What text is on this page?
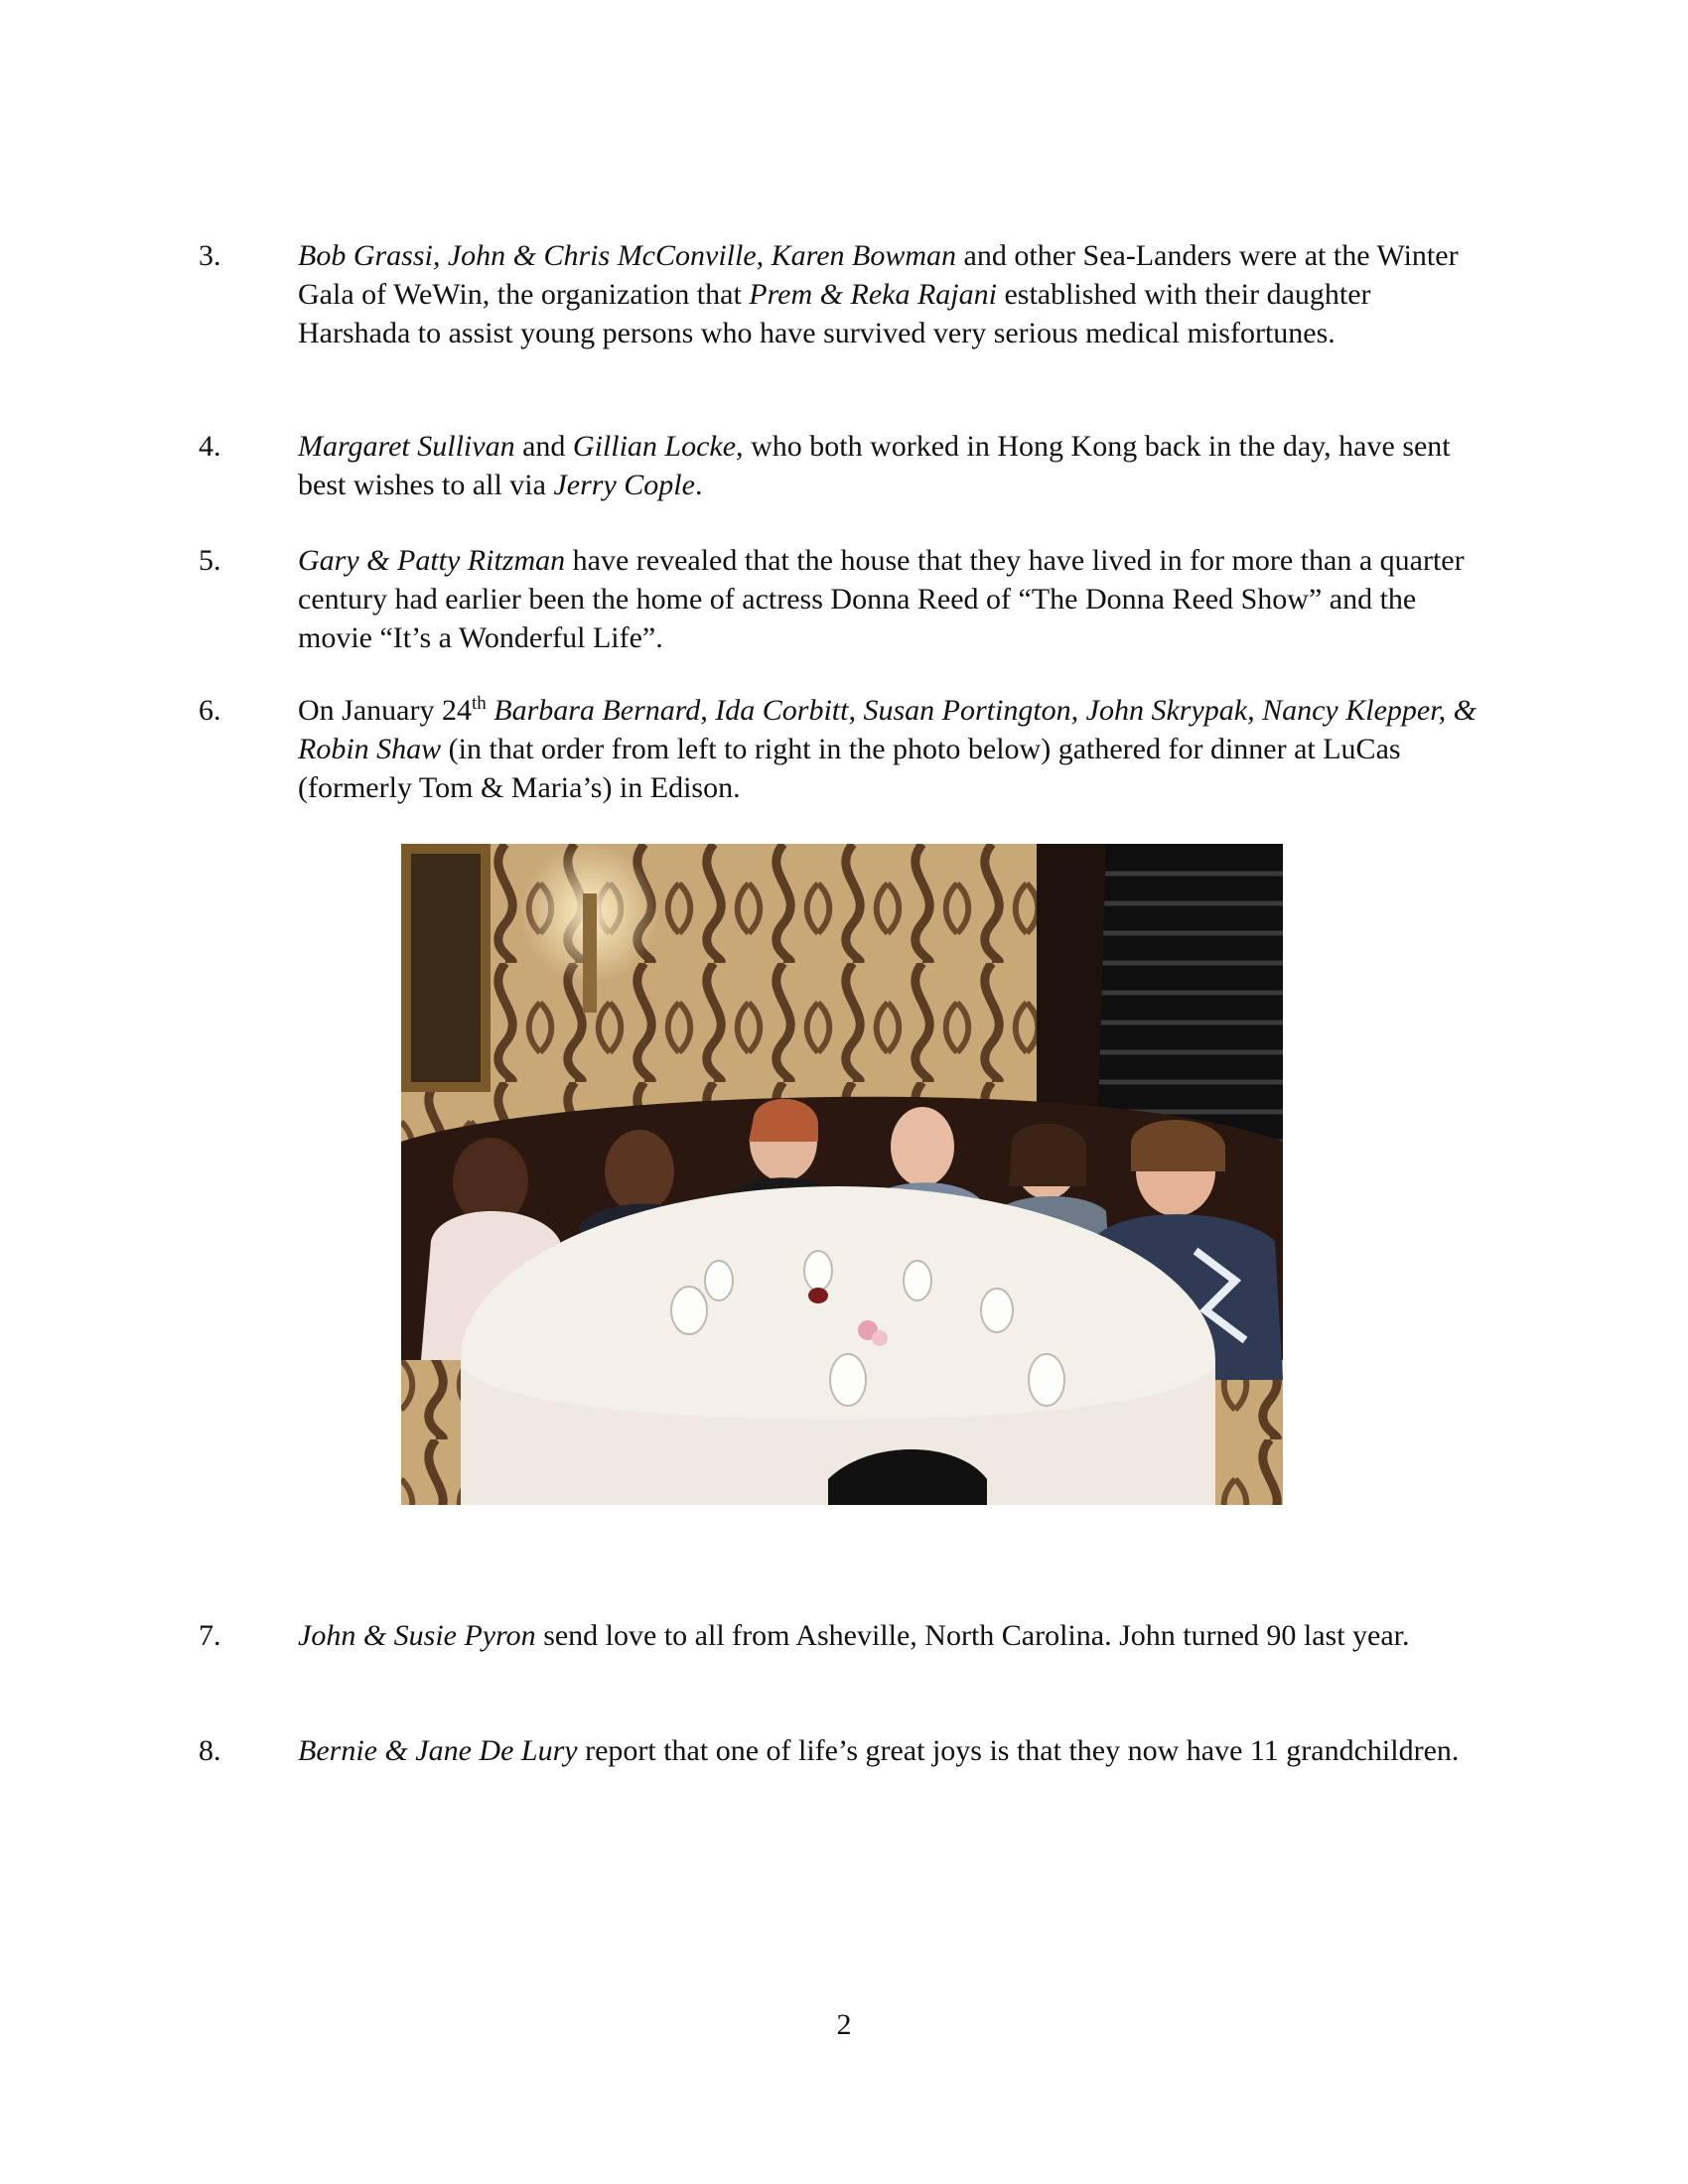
3.	Bob Grassi, John & Chris McConville, Karen Bowman and other Sea-Landers were at the Winter Gala of WeWin, the organization that Prem & Reka Rajani established with their daughter Harshada to assist young persons who have survived very serious medical misfortunes.
4.	Margaret Sullivan and Gillian Locke, who both worked in Hong Kong back in the day, have sent best wishes to all via Jerry Cople.
5.	Gary & Patty Ritzman have revealed that the house that they have lived in for more than a quarter century had earlier been the home of actress Donna Reed of “The Donna Reed Show” and the movie “It’s a Wonderful Life”.
6.	On January 24th Barbara Bernard, Ida Corbitt, Susan Portington, John Skrypak, Nancy Klepper, & Robin Shaw (in that order from left to right in the photo below) gathered for dinner at LuCas (formerly Tom & Maria’s) in Edison.
7.	John & Susie Pyron send love to all from Asheville, North Carolina. John turned 90 last year.
8.	Bernie & Jane De Lury report that one of life’s great joys is that they now have 11 grandchildren.
2
